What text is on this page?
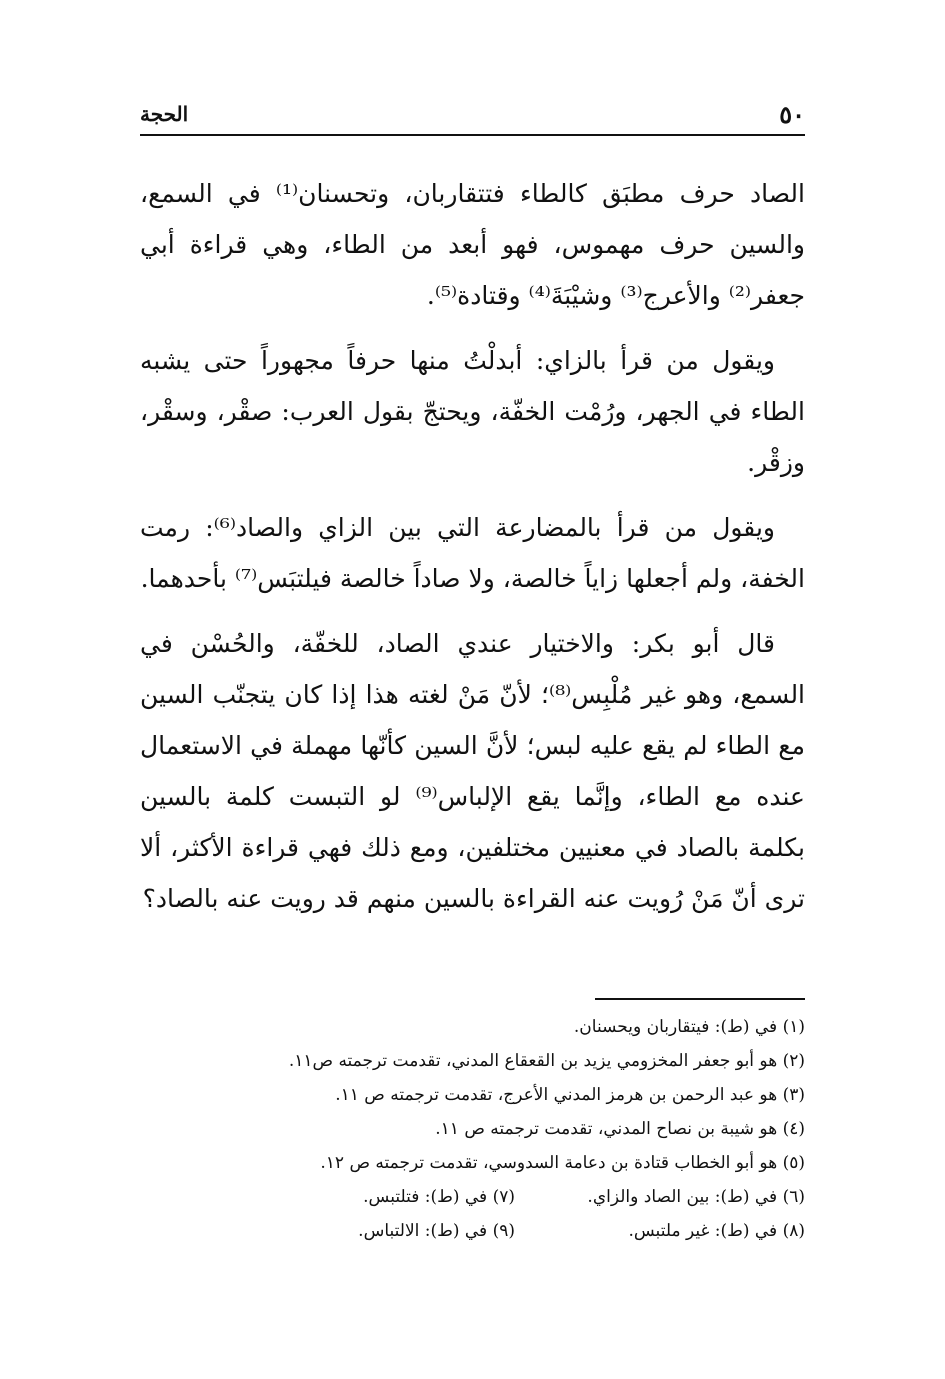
٥٠
الحجة

الصاد حرف مطبَق كالطاء فتتقاربان، وتحسنان⁽¹⁾ في السمع، والسين حرف مهموس، فهو أبعد من الطاء، وهي قراءة أبي جعفر⁽²⁾ والأعرج⁽³⁾ وشيْبَةَ⁽⁴⁾ وقتادة⁽⁵⁾.

ويقول من قرأ بالزاي: أبدلْتُ منها حرفاً مجهوراً حتى يشبه الطاء في الجهر، ورُمْت الخفّة، ويحتجّ بقول العرب: صقْر، وسقْر، وزقْر.

ويقول من قرأ بالمضارعة التي بين الزاي والصاد⁽⁶⁾: رمت الخفة، ولم أجعلها زاياً خالصة، ولا صاداً خالصة فيلتبَس⁽⁷⁾ بأحدهما.

قال أبو بكر: والاختيار عندي الصاد، للخفّة، والحُسْن في السمع، وهو غير مُلْبِس⁽⁸⁾؛ لأنّ مَنْ لغته هذا إذا كان يتجنّب السين مع الطاء لم يقع عليه لبس؛ لأنَّ السين كأنّها مهملة في الاستعمال عنده مع الطاء، وإنَّما يقع الإلباس⁽⁹⁾ لو التبست كلمة بالسين بكلمة بالصاد في معنيين مختلفين، ومع ذلك فهي قراءة الأكثر، ألا ترى أنّ مَنْ رُويت عنه القراءة بالسين منهم قد رويت عنه بالصاد؟

(١) في (ط): فيتقاربان ويحسنان.
(٢) هو أبو جعفر المخزومي يزيد بن القعقاع المدني، تقدمت ترجمته ص١١.
(٣) هو عبد الرحمن بن هرمز المدني الأعرج، تقدمت ترجمته ص ١١.
(٤) هو شيبة بن نصاح المدني، تقدمت ترجمته ص ١١.
(٥) هو أبو الخطاب قتادة بن دعامة السدوسي، تقدمت ترجمته ص ١٢.
(٦) في (ط): بين الصاد والزاي.
(٧) في (ط): فتلتبس.
(٨) في (ط): غير ملتبس.
(٩) في (ط): الالتباس.
